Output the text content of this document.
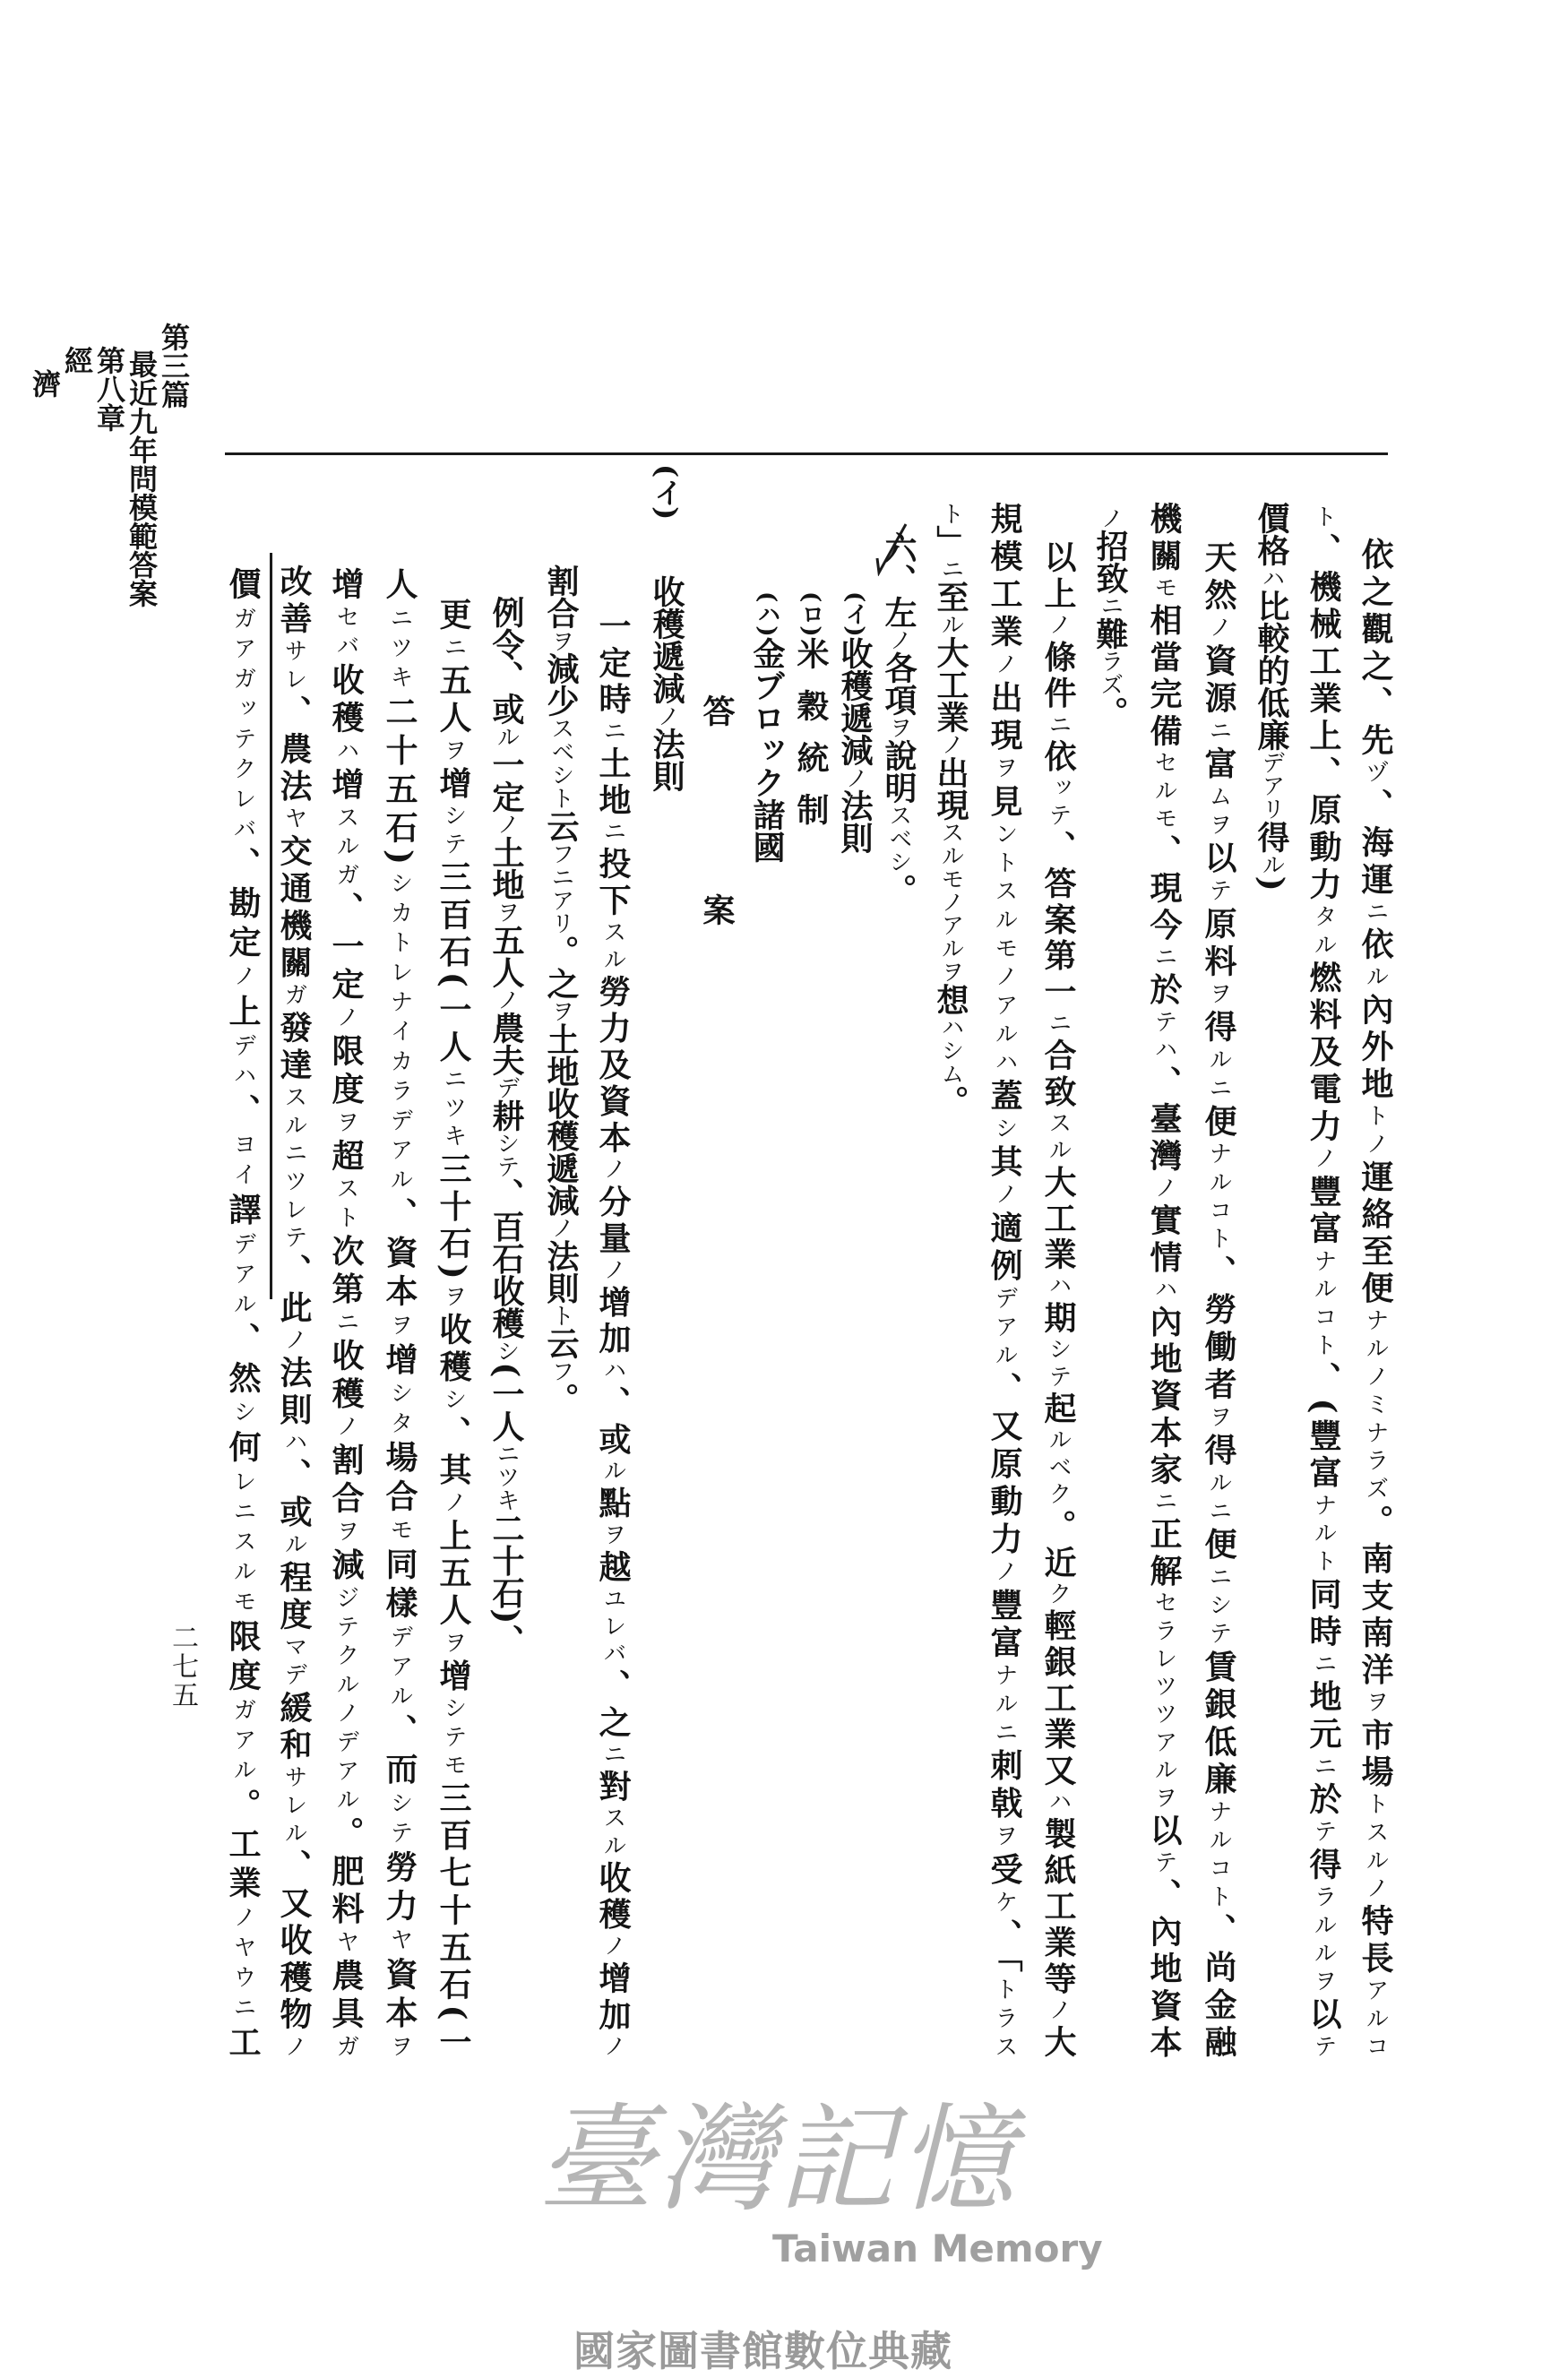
第三篇
最近九年問模範答案
第八章
經
濟
二七五
依之觀之、先ヅ、海運ニ依ル內外地トノ運絡至便ナルノミナラズ。南支南洋ヲ市場トスルノ特長アルコ
ト、機械工業上、原動力タル燃料及電力ノ豐富ナルコト、(豐富ナルト同時ニ地元ニ於テ得ラルルヲ以テ
價格ハ比較的低廉デアリ得ル)
天然ノ資源ニ富ムヲ以テ原料ヲ得ルニ便ナルコト、勞働者ヲ得ルニ便ニシテ賃銀低廉ナルコト、尚金融
機關モ相當完備セルモ、現今ニ於テハ、臺灣ノ實情ハ內地資本家ニ正解セラレツツアルヲ以テ、內地資本
ノ招致ニ難ラズ。
以上ノ條件ニ依ッテ、答案第一ニ合致スル大工業ハ期シテ起ルベク。近ク輕銀工業又ハ製紙工業等ノ大
規模工業ノ出現ヲ見ントスルモノアルハ蓋シ其ノ適例デアル、又原動力ノ豐富ナルニ刺戟ヲ受ケ、「トラス
ト」ニ至ル大工業ノ出現スルモノアルヲ想ハシム。
六、左ノ各項ヲ說明スベシ。
(イ)收穫遞減ノ法則
(ロ)米穀統制
(ハ)金ブロック諸國
答
案
(イ)
收穫遞減ノ法則
一定時ニ土地ニ投下スル勞力及資本ノ分量ノ增加ハ、或ル點ヲ越ユレバ、之ニ對スル收穫ノ增加ノ
割合ヲ減少スベシト云フニアリ。之ヲ土地收穫遞減ノ法則ト云フ。
例令、或ル一定ノ土地ヲ五人ノ農夫デ耕シテ、百石收穫シ(一人ニツキ二十石)、
更ニ五人ヲ增シテ三百石(一人ニツキ三十石)ヲ收穫シ、其ノ上五人ヲ增シテモ三百七十五石(一
人ニツキ二十五石)シカトレナイカラデアル、資本ヲ增シタ場合モ同樣デアル、而シテ勞力ヤ資本ヲ
增セバ收穫ハ增スルガ、一定ノ限度ヲ超スト次第ニ收穫ノ割合ヲ減ジテクルノデアル。肥料ヤ農具ガ
改善サレ、農法ヤ交通機關ガ發達スルニツレテ、此ノ法則ハ、或ル程度マデ緩和サレル、又收穫物ノ
價ガアガッテクレバ、勘定ノ上デハ、ヨイ譯デアル、然シ何レニスルモ限度ガアル。工業ノヤウニ工
臺灣記憶
Taiwan Memory
國家圖書館數位典藏
